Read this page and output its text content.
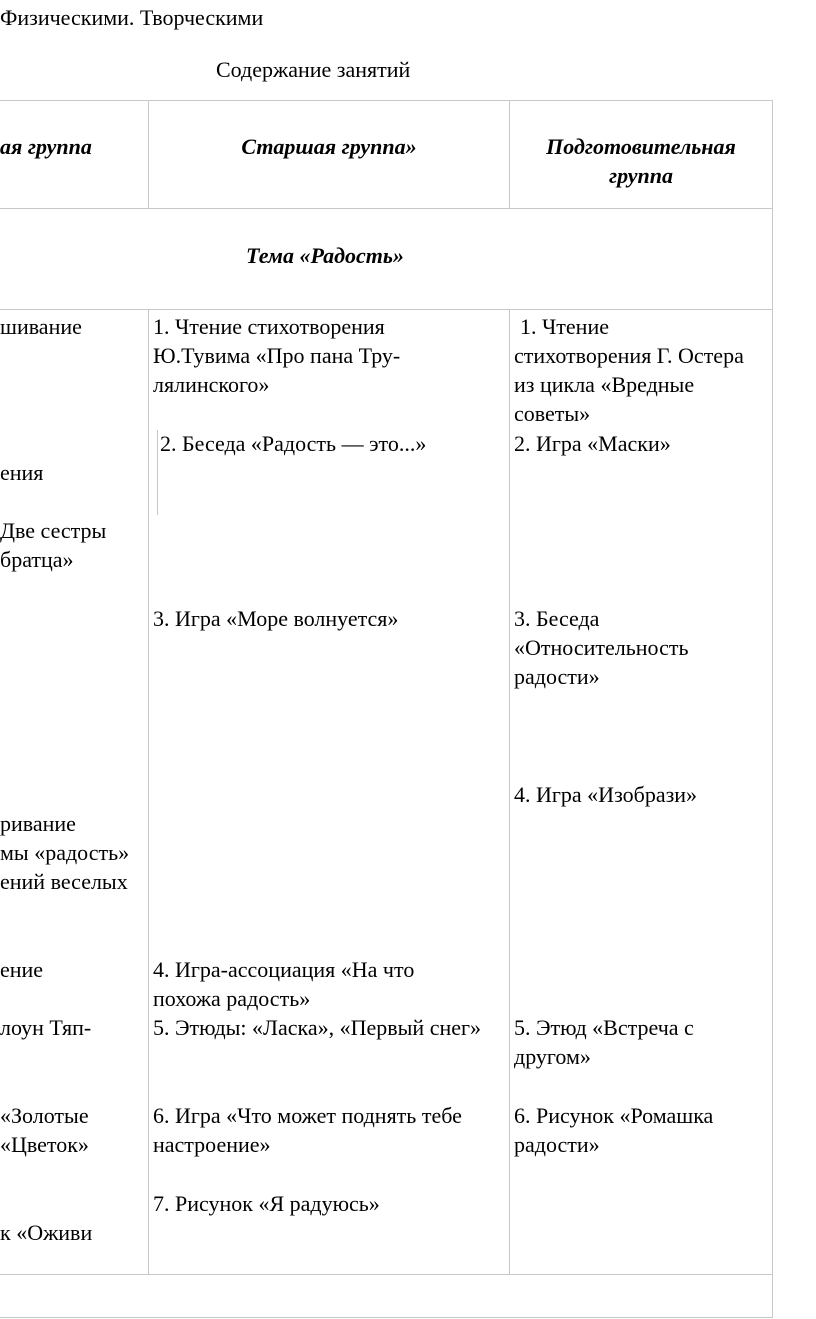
Физическими. Творческими
Содержание занятий
ая группа	Старшая группа»	Подготовительная группа
Тема «Радость»
шивание
ения
Две сестры
братца»
ривание
мы «радость»
ений веселых
ение
лоун Тяп-
«Золотые
«Цветок»
к «Оживи
1. Чтение стихотворения Ю.Тувима «Про пана Тру-лялинского»
2. Беседа «Радость — это...»
3. Игра «Море волнуется»
4. Игра-ассоциация «На что похожа радость»
5. Этюды: «Ласка», «Первый снег»
6. Игра «Что может поднять тебе настроение»
7. Рисунок «Я радуюсь»
1. Чтение стихотворения Г. Остера из цикла «Вредные советы»
2. Игра «Маски»
3. Беседа «Относительность радости»
4. Игра «Изобрази»
5. Этюд «Встреча с другом»
6. Рисунок «Ромашка радости»
